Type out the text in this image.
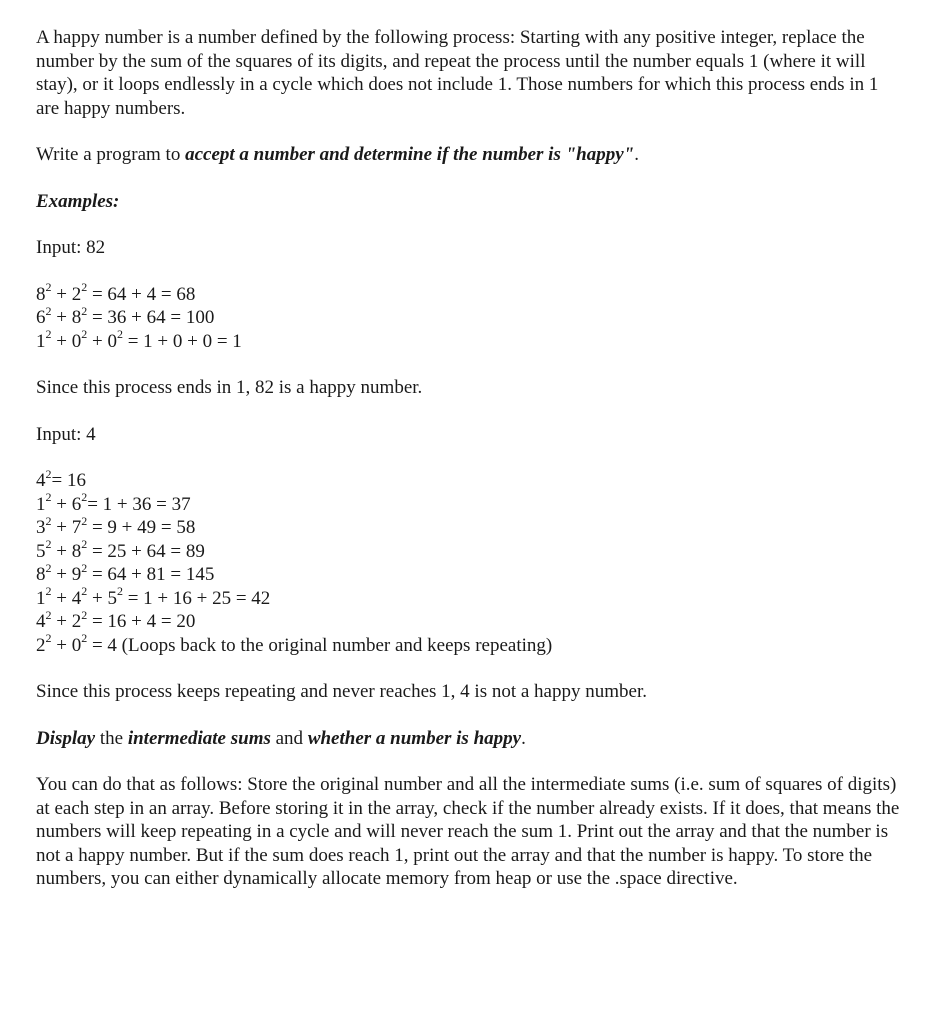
A happy number is a number defined by the following process: Starting with any positive integer, replace the number by the sum of the squares of its digits, and repeat the process until the number equals 1 (where it will stay), or it loops endlessly in a cycle which does not include 1. Those numbers for which this process ends in 1 are happy numbers.

Write a program to accept a number and determine if the number is "happy".

Examples:

Input: 82

$8^2 + 2^2 = 64 + 4 = 68$
$6^2 + 8^2 = 36 + 64 = 100$
$1^2 + 0^2 + 0^2 = 1 + 0 + 0 = 1$

Since this process ends in 1, 82 is a happy number.

Input: 4

$4^2= 16$
$1^2 + 6^2= 1 + 36 = 37$
$3^2 + 7^2 = 9 + 49 = 58$
$5^2 + 8^2 = 25 + 64 = 89$
$8^2 + 9^2 = 64 + 81 = 145$
$1^2 + 4^2 + 5^2 = 1 + 16 + 25 = 42$
$4^2 + 2^2 = 16 + 4 = 20$
$2^2 + 0^2 = 4$ (Loops back to the original number and keeps repeating)

Since this process keeps repeating and never reaches 1, 4 is not a happy number.

Display the intermediate sums and whether a number is happy.

You can do that as follows: Store the original number and all the intermediate sums (i.e. sum of squares of digits) at each step in an array. Before storing it in the array, check if the number already exists. If it does, that means the numbers will keep repeating in a cycle and will never reach the sum 1. Print out the array and that the number is not a happy number. But if the sum does reach 1, print out the array and that the number is happy. To store the numbers, you can either dynamically allocate memory from heap or use the .space directive.
